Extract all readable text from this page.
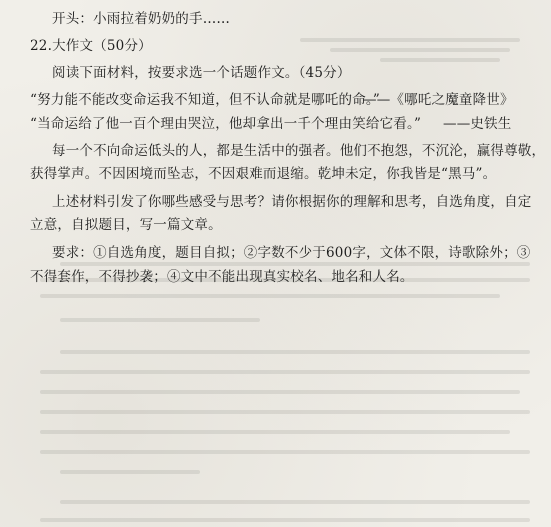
开头：小雨拉着奶奶的手……
22.大作文（50分）
阅读下面材料，按要求选一个话题作文。（45分）
“努力能不能改变命运我不知道，但不认命就是哪吒的命。”
——《哪吒之魔童降世》
“当命运给了他一百个理由哭泣，他却拿出一千个理由笑给它看。” ——史铁生
每一个不向命运低头的人，都是生活中的强者。他们不抱怨，不沉沦，赢得尊敬，
获得掌声。不因困境而坠志，不因艰难而退缩。乾坤未定，你我皆是“黑马”。
上述材料引发了你哪些感受与思考？请你根据你的理解和思考，自选角度，自定
立意，自拟题目，写一篇文章。
要求：①自选角度，题目自拟；②字数不少于600字，文体不限，诗歌除外；③
不得套作，不得抄袭；④文中不能出现真实校名、地名和人名。
